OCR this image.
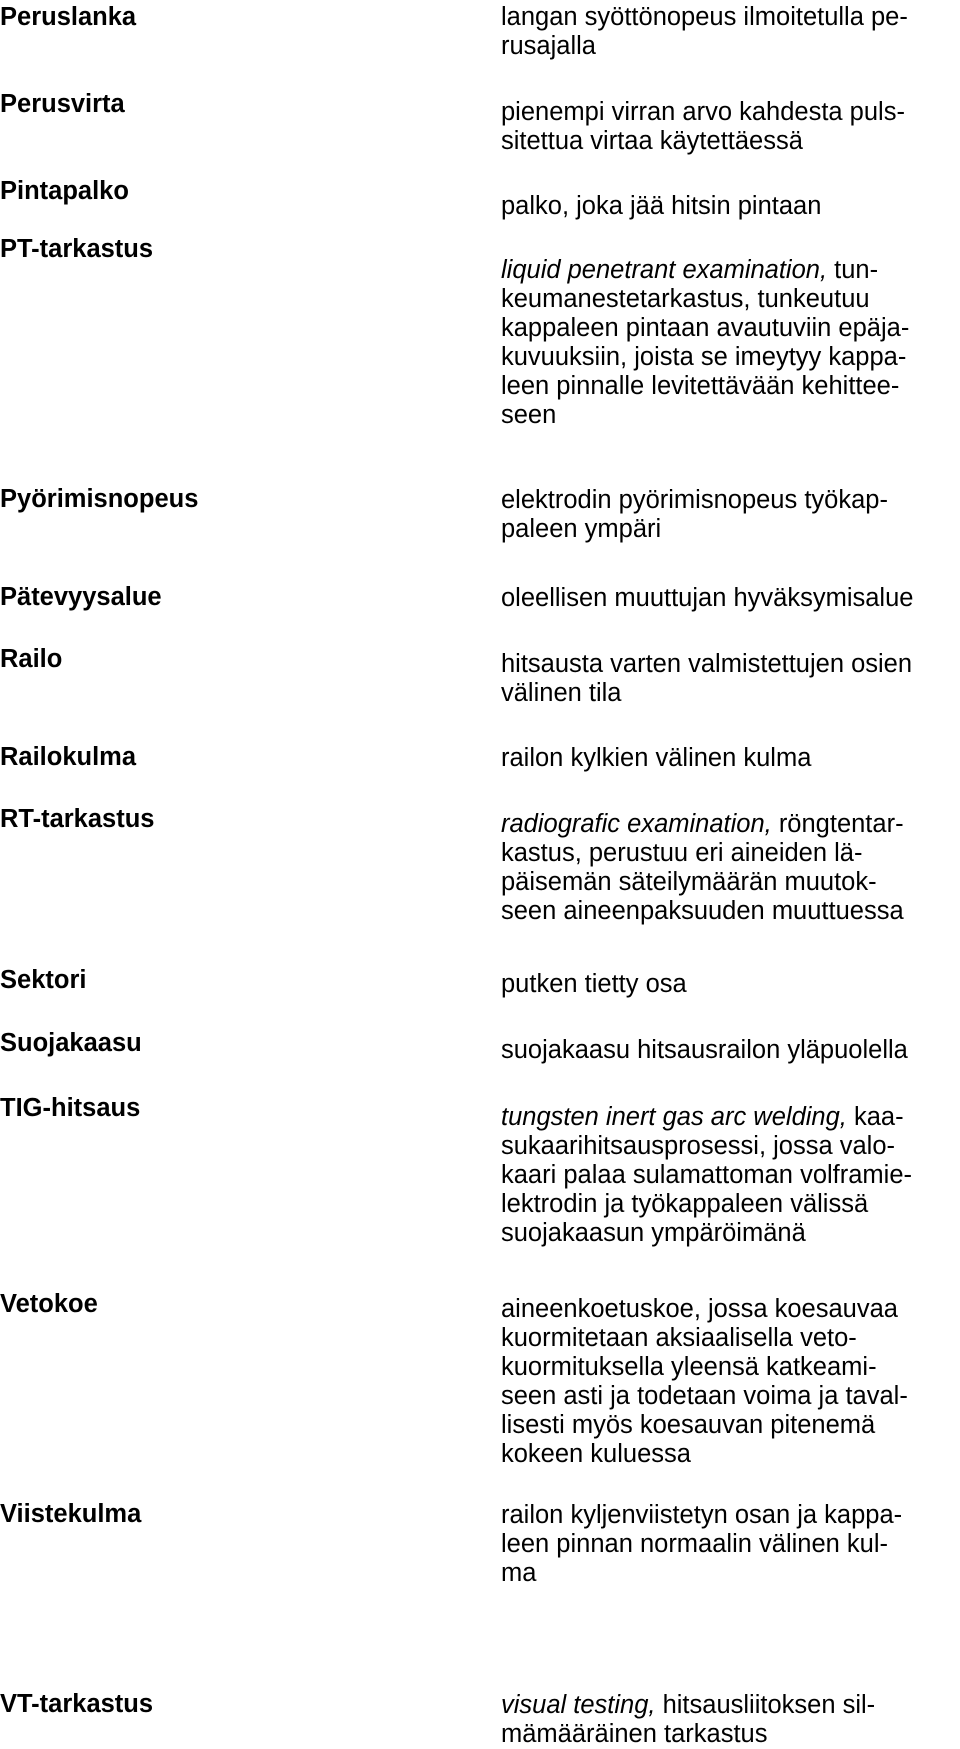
Peruslanka
Perusvirta
Pintapalko
PT-tarkastus
Pyörimisnopeus
Pätevyysalue
Railo
Railokulma
RT-tarkastus
Sektori
Suojakaasu
TIG-hitsaus
Vetokoe
Viistekulma
VT-tarkastus
langan syöttönopeus ilmoitetulla pe-
rusajalla
pienempi virran arvo kahdesta puls-
sitettua virtaa käytettäessä
palko, joka jää hitsin pintaan
liquid penetrant examination, tun-
keumanestetarkastus, tunkeutuu
kappaleen pintaan avautuviin epäja-
kuvuuksiin, joista se imeytyy kappa-
leen pinnalle levitettävään kehittee-
seen
elektrodin pyörimisnopeus työkap-
paleen ympäri
oleellisen muuttujan hyväksymisalue
hitsausta varten valmistettujen osien
välinen tila
railon kylkien välinen kulma
radiografic examination, röngtentar-
kastus, perustuu eri aineiden lä-
päisemän säteilymäärän muutok-
seen aineenpaksuuden muuttuessa
putken tietty osa
suojakaasu hitsausrailon yläpuolella
tungsten inert gas arc welding, kaa-
sukaarihitsausprosessi, jossa valo-
kaari palaa sulamattoman volframie-
lektrodin ja työkappaleen välissä
suojakaasun ympäröimänä
aineenkoetuskoe, jossa koesauvaa
kuormitetaan aksiaalisella veto-
kuormituksella yleensä katkeami-
seen asti ja todetaan voima ja taval-
lisesti myös koesauvan pitenemä
kokeen kuluessa
railon kyljenviistetyn osan ja kappa-
leen pinnan normaalin välinen kul-
ma
visual testing, hitsausliitoksen sil-
mämääräinen tarkastus
